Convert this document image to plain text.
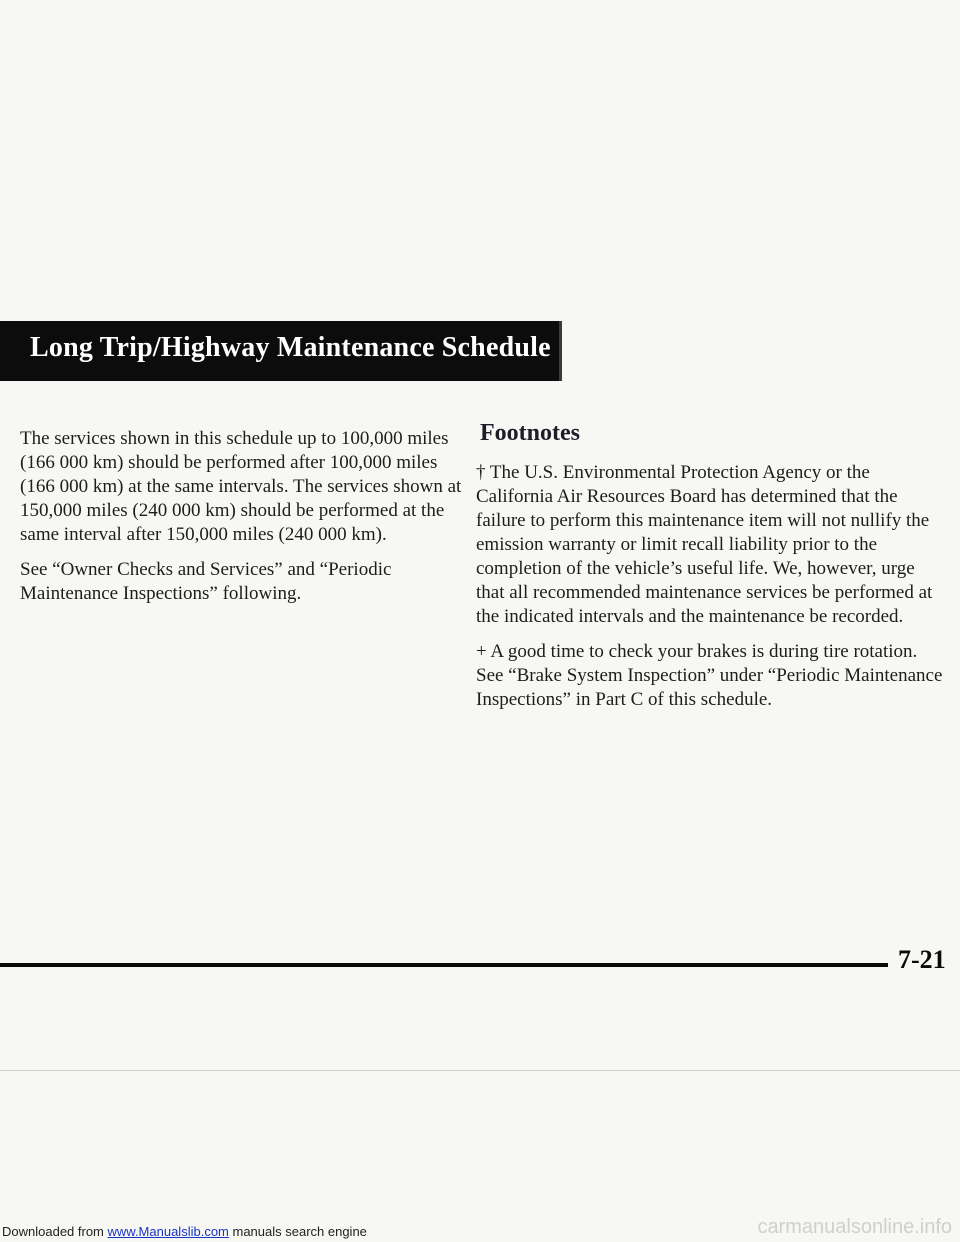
Long Trip/Highway Maintenance Schedule

The services shown in this schedule up to 100,000 miles (166 000 km) should be performed after 100,000 miles (166 000 km) at the same intervals. The services shown at 150,000 miles (240 000 km) should be performed at the same interval after 150,000 miles (240 000 km).

See “Owner Checks and Services” and “Periodic Maintenance Inspections” following.

Footnotes

† The U.S. Environmental Protection Agency or the California Air Resources Board has determined that the failure to perform this maintenance item will not nullify the emission warranty or limit recall liability prior to the completion of the vehicle’s useful life. We, however, urge that all recommended maintenance services be performed at the indicated intervals and the maintenance be recorded.

+ A good time to check your brakes is during tire rotation. See “Brake System Inspection” under “Periodic Maintenance Inspections” in Part C of this schedule.

7-21
Downloaded from www.Manualslib.com manuals search engine	carmanualsonline.info
